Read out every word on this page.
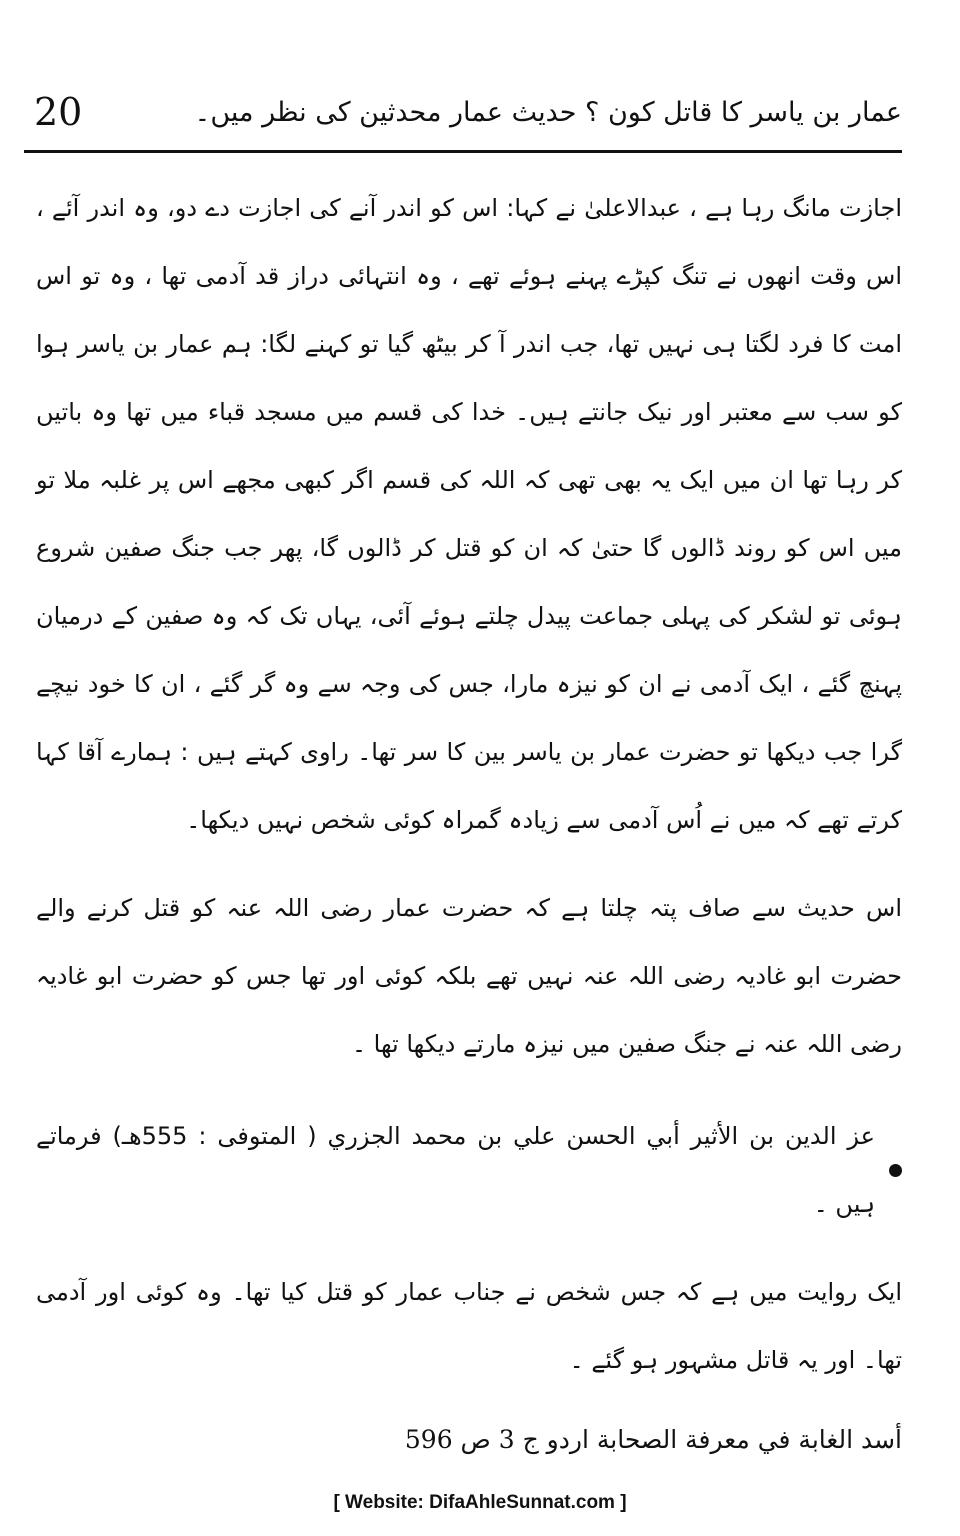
20	عمار بن یاسر کا قاتل کون ؟ حدیث عمار محدثین کی نظر میں۔

اجازت مانگ رہا ہے ، عبدالاعلیٰ نے کہا: اس کو اندر آنے کی اجازت دے دو، وہ اندر آئے ، اس وقت انھوں نے تنگ کپڑے پہنے ہوئے تھے ، وہ انتہائی دراز قد آدمی تھا ، وہ تو اس امت کا فرد لگتا ہی نہیں تھا، جب اندر آ کر بیٹھ گیا تو کہنے لگا: ہم عمار بن یاسر ہوا کو سب سے معتبر اور نیک جانتے ہیں۔ خدا کی قسم میں مسجد قباء میں تھا وہ باتیں کر رہا تھا ان میں ایک یہ بھی تھی کہ اللہ کی قسم اگر کبھی مجھے اس پر غلبہ ملا تو میں اس کو روند ڈالوں گا حتیٰ کہ ان کو قتل کر ڈالوں گا، پھر جب جنگ صفین شروع ہوئی تو لشکر کی پہلی جماعت پیدل چلتے ہوئے آئی، یہاں تک کہ وہ صفین کے درمیان پہنچ گئے ، ایک آدمی نے ان کو نیزہ مارا، جس کی وجہ سے وہ گر گئے ، ان کا خود نیچے گرا جب دیکھا تو حضرت عمار بن یاسر بین کا سر تھا۔ راوی کہتے ہیں : ہمارے آقا کہا کرتے تھے کہ میں نے اُس آدمی سے زیادہ گمراہ کوئی شخص نہیں دیکھا۔

اس حدیث سے صاف پتہ چلتا ہے کہ حضرت عمار رضی اللہ عنہ کو قتل کرنے والے حضرت ابو غادیہ رضی اللہ عنہ نہیں تھے بلکہ کوئی اور تھا جس کو حضرت ابو غادیہ رضی اللہ عنہ نے جنگ صفین میں نیزہ مارتے دیکھا تھا ۔

عز الدين بن الأثير أبي الحسن علي بن محمد الجزري ( المتوفى : 555هـ) فرماتے ہیں ۔

ایک روایت میں ہے کہ جس شخص نے جناب عمار کو قتل کیا تھا۔ وہ کوئی اور آدمی تھا۔ اور یہ قاتل مشہور ہو گئے ۔

أسد الغابة في معرفة الصحابة اردو ج 3 ص 596
[ Website: DifaAhleSunnat.com ]
